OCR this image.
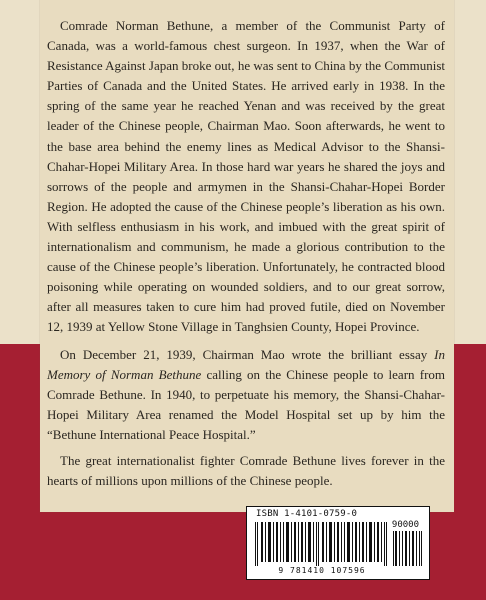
Comrade Norman Bethune, a member of the Communist Party of Canada, was a world-famous chest surgeon. In 1937, when the War of Resistance Against Japan broke out, he was sent to China by the Communist Parties of Canada and the United States. He arrived early in 1938. In the spring of the same year he reached Yenan and was received by the great leader of the Chinese people, Chairman Mao. Soon afterwards, he went to the base area behind the enemy lines as Medical Advisor to the Shansi-Chahar-Hopei Military Area. In those hard war years he shared the joys and sorrows of the people and armymen in the Shansi-Chahar-Hopei Border Region. He adopted the cause of the Chinese people’s liberation as his own. With selfless enthusiasm in his work, and imbued with the great spirit of internationalism and communism, he made a glorious contribution to the cause of the Chinese people’s liberation. Unfortunately, he contracted blood poisoning while operating on wounded soldiers, and to our great sorrow, after all measures taken to cure him had proved futile, died on November 12, 1939 at Yellow Stone Village in Tanghsien County, Hopei Province.

On December 21, 1939, Chairman Mao wrote the brilliant essay In Memory of Norman Bethune calling on the Chinese people to learn from Comrade Bethune. In 1940, to perpetuate his memory, the Shansi-Chahar-Hopei Military Area renamed the Model Hospital set up by him the “Bethune International Peace Hospital.”

The great internationalist fighter Comrade Bethune lives forever in the hearts of millions upon millions of the Chinese people.

ISBN 1-4101-0759-0
90000
9 781410 107596
